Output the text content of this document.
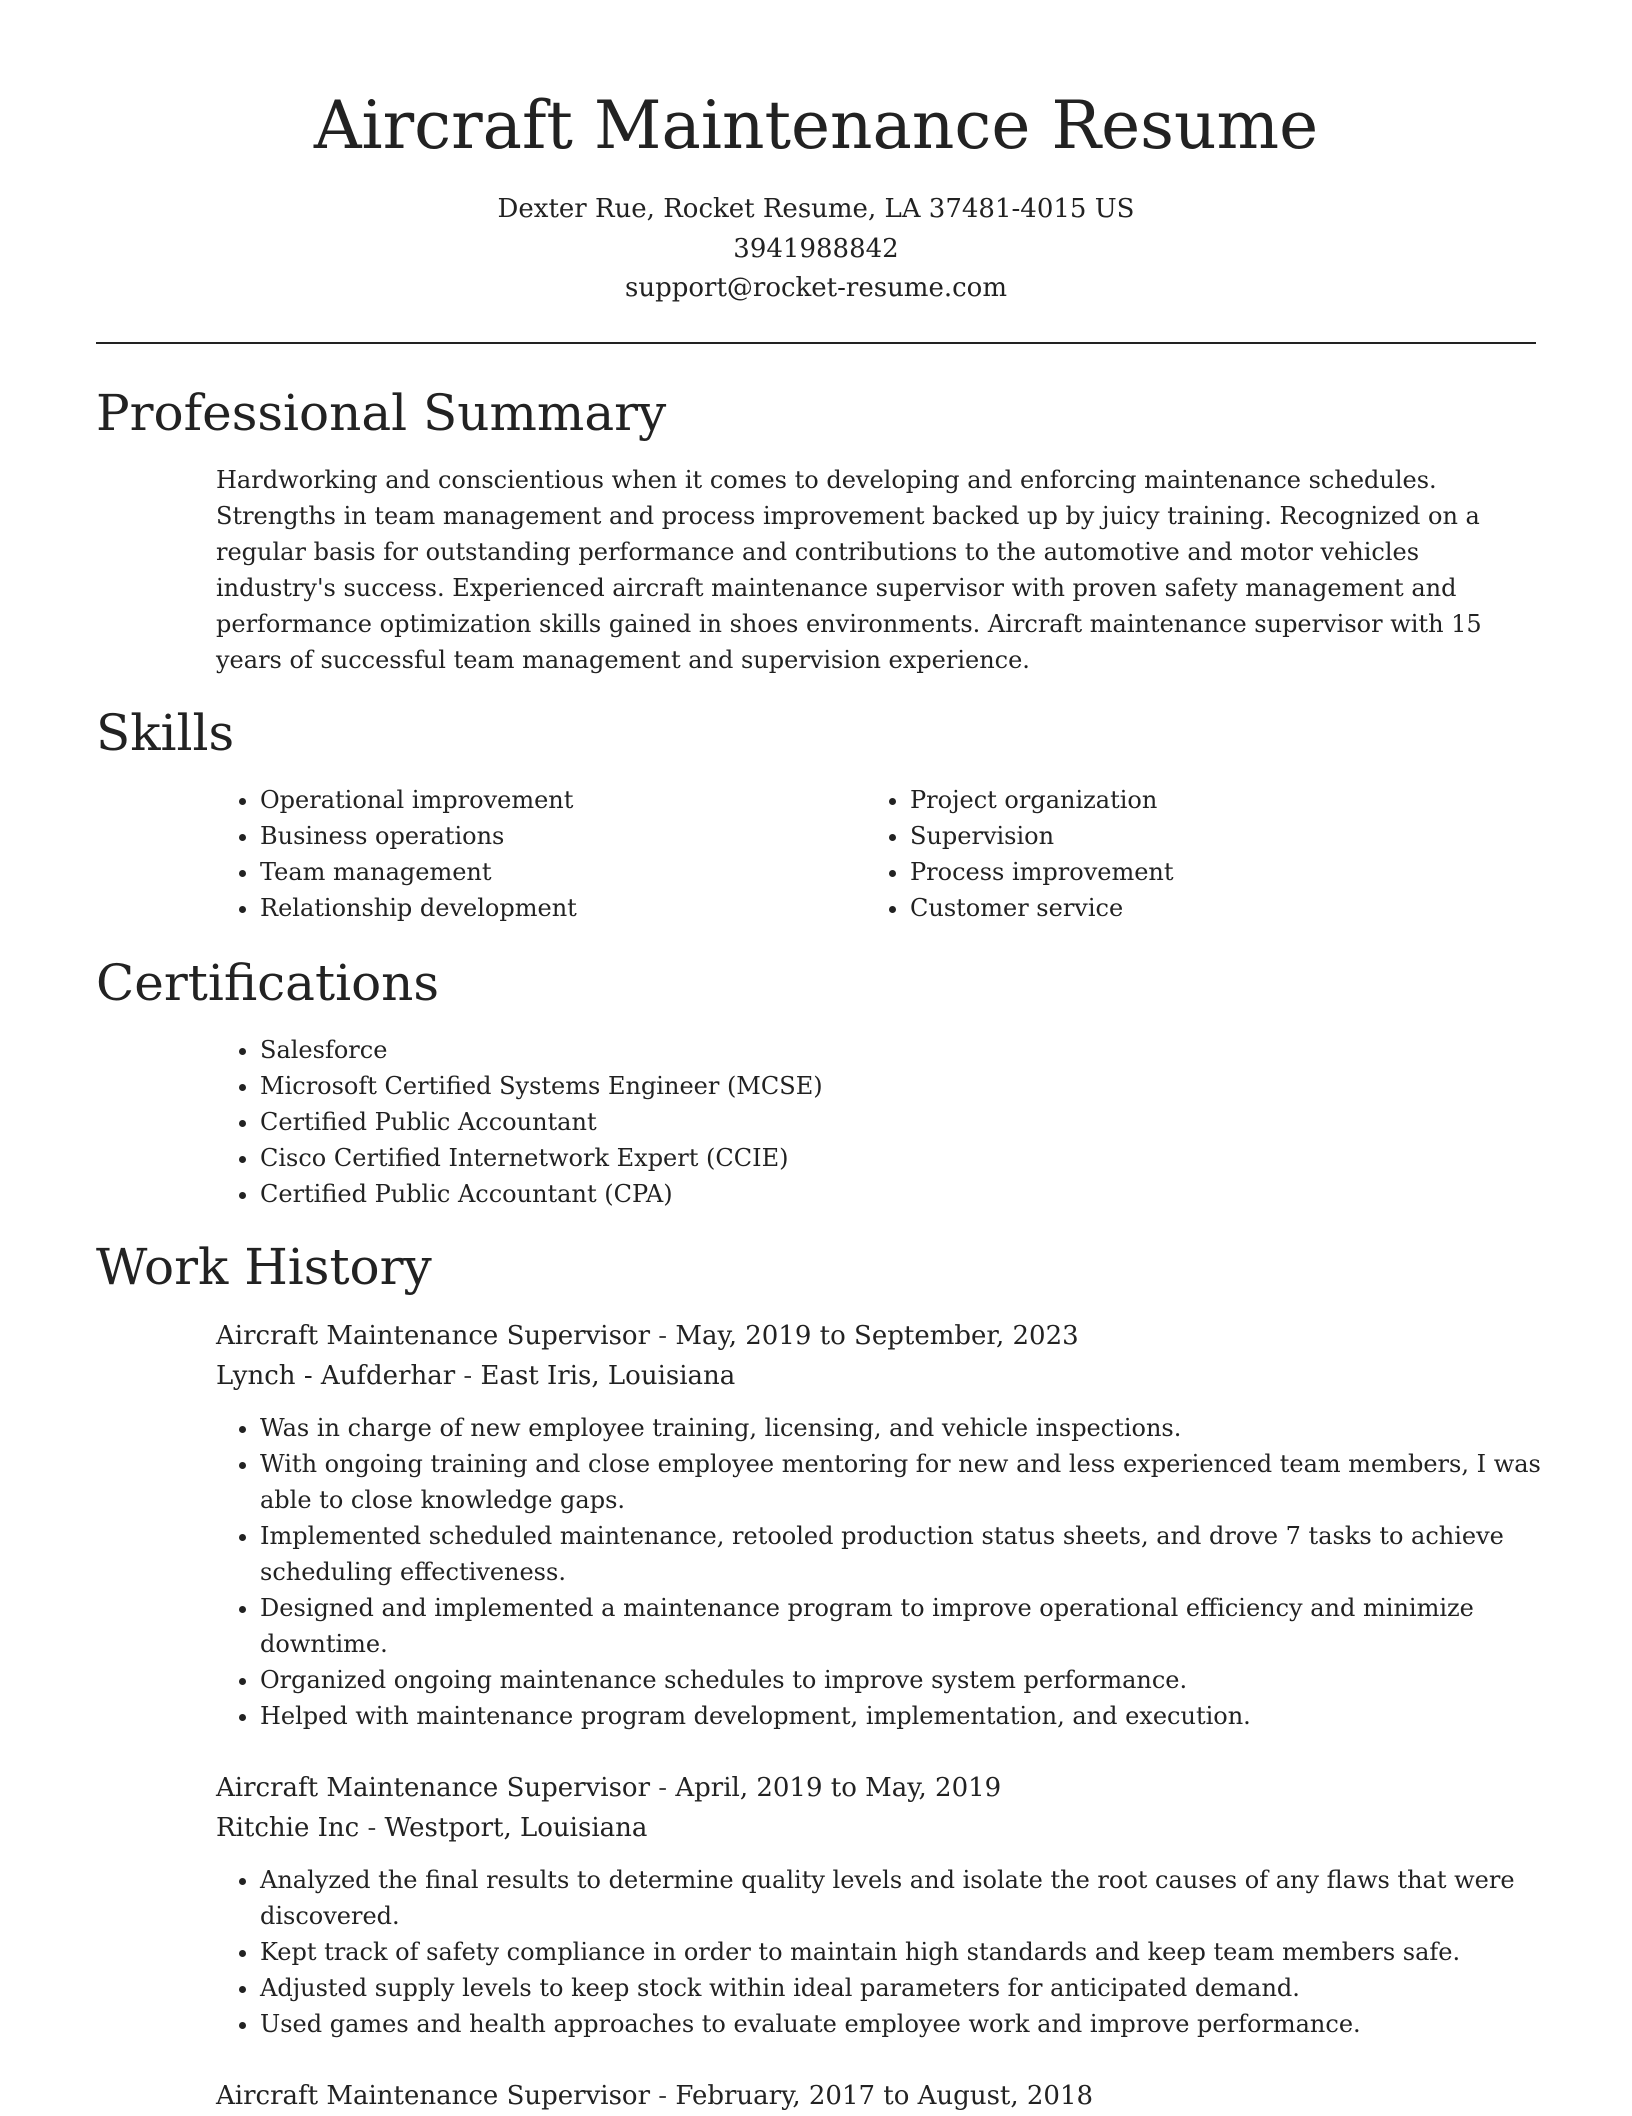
Aircraft Maintenance Resume
Dexter Rue, Rocket Resume, LA 37481-4015 US
3941988842
support@rocket-resume.com
Professional Summary

Hardworking and conscientious when it comes to developing and enforcing maintenance schedules. Strengths in team management and process improvement backed up by juicy training. Recognized on a regular basis for outstanding performance and contributions to the automotive and motor vehicles industry's success. Experienced aircraft maintenance supervisor with proven safety management and performance optimization skills gained in shoes environments. Aircraft maintenance supervisor with 15 years of successful team management and supervision experience.

Skills
• Operational improvement
• Business operations
• Team management
• Relationship development
• Project organization
• Supervision
• Process improvement
• Customer service
Certifications
• Salesforce
• Microsoft Certified Systems Engineer (MCSE)
• Certified Public Accountant
• Cisco Certified Internetwork Expert (CCIE)
• Certified Public Accountant (CPA)
Work History
Aircraft Maintenance Supervisor - May, 2019 to September, 2023
Lynch - Aufderhar - East Iris, Louisiana
• Was in charge of new employee training, licensing, and vehicle inspections.
• With ongoing training and close employee mentoring for new and less experienced team members, I was able to close knowledge gaps.
• Implemented scheduled maintenance, retooled production status sheets, and drove 7 tasks to achieve scheduling effectiveness.
• Designed and implemented a maintenance program to improve operational efficiency and minimize downtime.
• Organized ongoing maintenance schedules to improve system performance.
• Helped with maintenance program development, implementation, and execution.
Aircraft Maintenance Supervisor - April, 2019 to May, 2019
Ritchie Inc - Westport, Louisiana
• Analyzed the final results to determine quality levels and isolate the root causes of any flaws that were discovered.
• Kept track of safety compliance in order to maintain high standards and keep team members safe.
• Adjusted supply levels to keep stock within ideal parameters for anticipated demand.
• Used games and health approaches to evaluate employee work and improve performance.
Aircraft Maintenance Supervisor - February, 2017 to August, 2018
